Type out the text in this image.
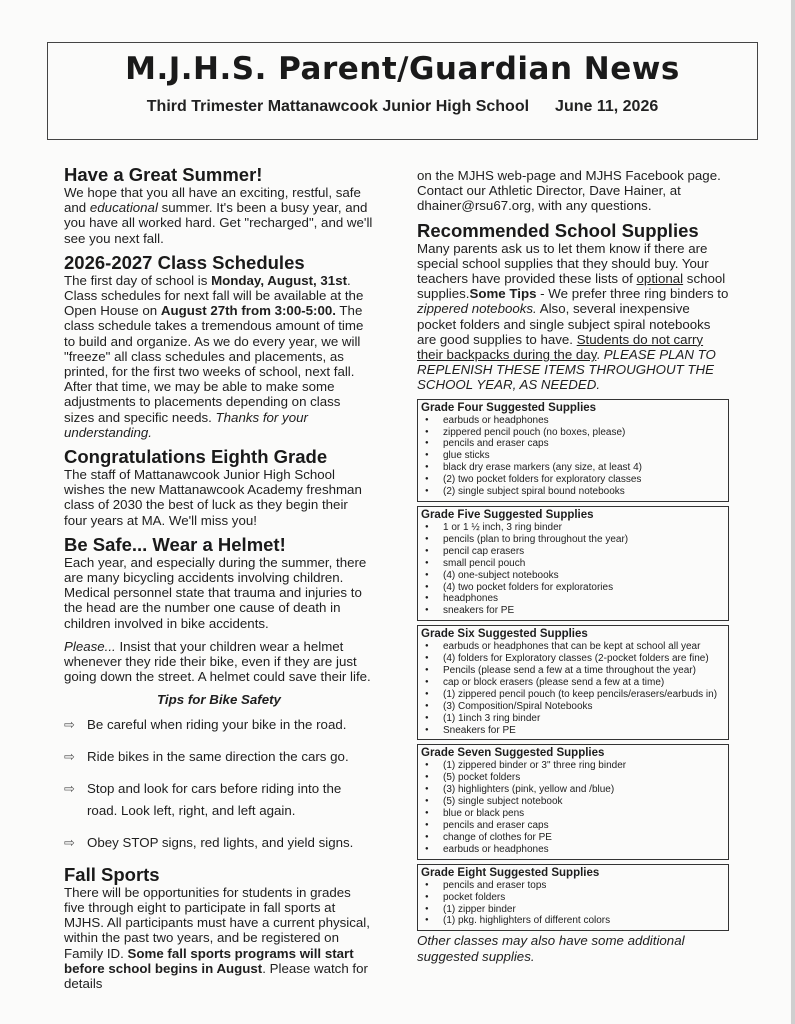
M.J.H.S. Parent/Guardian News
Third Trimester Mattanawcook Junior High School June 11, 2026
Have a Great Summer!

We hope that you all have an exciting, restful, safe and educational summer. It's been a busy year, and you have all worked hard. Get "recharged", and we'll see you next fall.

2026-2027 Class Schedules

The first day of school is Monday, August, 31st. Class schedules for next fall will be available at the Open House on August 27th from 3:00-5:00. The class schedule takes a tremendous amount of time to build and organize. As we do every year, we will "freeze" all class schedules and placements, as printed, for the first two weeks of school, next fall. After that time, we may be able to make some adjustments to placements depending on class sizes and specific needs. Thanks for your understanding.

Congratulations Eighth Grade

The staff of Mattanawcook Junior High School wishes the new Mattanawcook Academy freshman class of 2030 the best of luck as they begin their four years at MA. We'll miss you!

Be Safe... Wear a Helmet!

Each year, and especially during the summer, there are many bicycling accidents involving children. Medical personnel state that trauma and injuries to the head are the number one cause of death in children involved in bike accidents.

Please... Insist that your children wear a helmet whenever they ride their bike, even if they are just going down the street. A helmet could save their life.

Tips for Bike Safety
⇨ Be careful when riding your bike in the road.
⇨ Ride bikes in the same direction the cars go.
⇨ Stop and look for cars before riding into the road. Look left, right, and left again.
⇨ Obey STOP signs, red lights, and yield signs.
Fall Sports

There will be opportunities for students in grades five through eight to participate in fall sports at MJHS. All participants must have a current physical, within the past two years, and be registered on Family ID. Some fall sports programs will start before school begins in August. Please watch for details

on the MJHS web-page and MJHS Facebook page. Contact our Athletic Director, Dave Hainer, at dhainer@rsu67.org, with any questions.

Recommended School Supplies

Many parents ask us to let them know if there are special school supplies that they should buy. Your teachers have provided these lists of optional school supplies.Some Tips - We prefer three ring binders to zippered notebooks. Also, several inexpensive pocket folders and single subject spiral notebooks are good supplies to have. Students do not carry their backpacks during the day. PLEASE PLAN TO REPLENISH THESE ITEMS THROUGHOUT THE SCHOOL YEAR, AS NEEDED.

Grade Four Suggested Supplies
● earbuds or headphones
● zippered pencil pouch (no boxes, please)
● pencils and eraser caps
● glue sticks
● black dry erase markers (any size, at least 4)
● (2) two pocket folders for exploratory classes
● (2) single subject spiral bound notebooks
Grade Five Suggested Supplies
● 1 or 1 ½ inch, 3 ring binder
● pencils (plan to bring throughout the year)
● pencil cap erasers
● small pencil pouch
● (4) one-subject notebooks
● (4) two pocket folders for exploratories
● headphones
● sneakers for PE
Grade Six Suggested Supplies
● earbuds or headphones that can be kept at school all year
● (4) folders for Exploratory classes (2-pocket folders are fine)
● Pencils (please send a few at a time throughout the year)
● cap or block erasers (please send a few at a time)
● (1) zippered pencil pouch (to keep pencils/erasers/earbuds in)
● (3) Composition/Spiral Notebooks
● (1) 1inch 3 ring binder
● Sneakers for PE
Grade Seven Suggested Supplies
● (1) zippered binder or 3" three ring binder
● (5) pocket folders
● (3) highlighters (pink, yellow and /blue)
● (5) single subject notebook
● blue or black pens
● pencils and eraser caps
● change of clothes for PE
● earbuds or headphones
Grade Eight Suggested Supplies
● pencils and eraser tops
● pocket folders
● (1) zipper binder
● (1) pkg. highlighters of different colors

Other classes may also have some additional suggested supplies.
